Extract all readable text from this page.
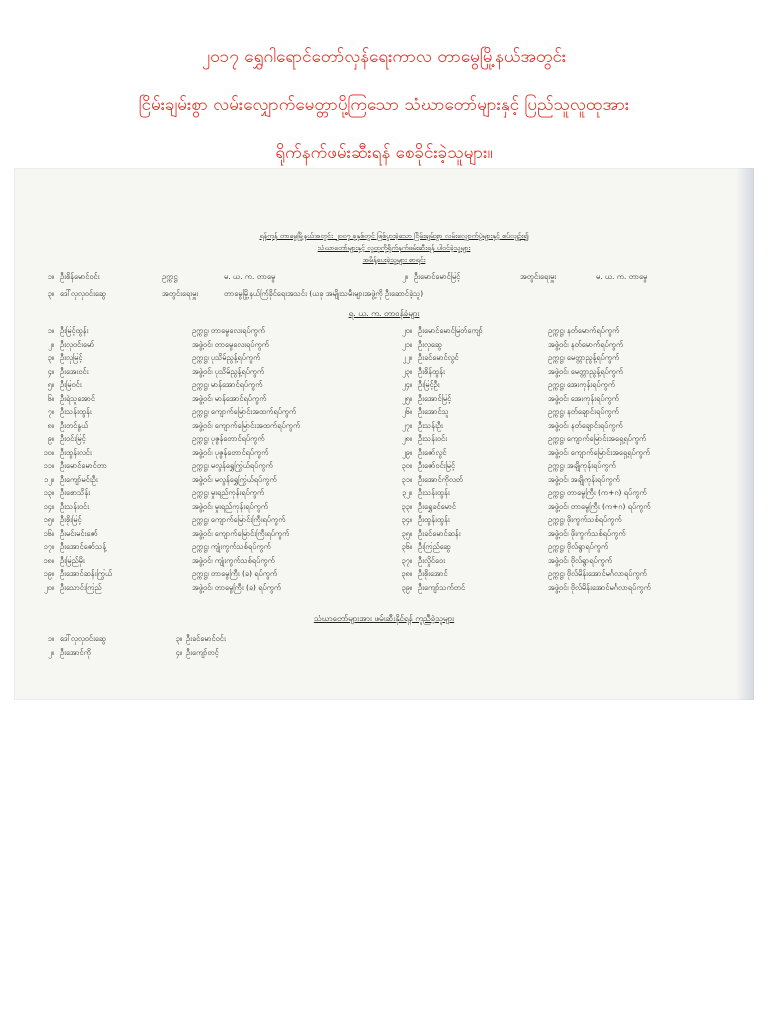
၂၀၁၇ ရွှေဂါရောင်တော်လှန်ရေးကာလ တာမွေမြို့နယ်အတွင်း
ငြိမ်းချမ်းစွာ လမ်းလျှောက်မေတ္တာပို့ကြသော သံဃာတော်များနှင့် ပြည်သူလူထုအား
ရိုက်နက်ဖမ်းဆီးရန် စေခိုင်းခဲ့သူများ။
ရန်ကုန် တာမွေမြို့နယ်အတွင်း ၂၀၀၇ ခုနှစ်တွင် ဖြစ်ပွားခဲ့သော ငြိမ်းချမ်းစွာ လမ်းလျှောက်ပွဲများနှင့် စပ်လျဉ်း၍
သံဃာတော်များနှင့် လူထုကိုရိုက်နက်ဖမ်းဆီးရန် ပါဝင်ခဲ့သူများ
အမိန့်ပေးခဲ့သူများ စာရင်း
၁။ ဦးစိန်မောင်ဝင်း	ဥက္ကဋ္ဌ	မ. ယ. က. တာမွေ	၂။ ဦးမောင်မောင်မြင့်	အတွင်းရေးမှူး	မ. ယ. က. တာမွေ
၃။ ဒေါ်လှလှဝင်းဆွေ	အတွင်းရေးမှူး	တာမွေမြို့နယ်ကြံခိုင်ရေးအသင်း (ယခု အမျိုးသမီးများအဖွဲ့ကို ဦးဆောင်ခဲ့သူ)
ရ. ယ. က. တာဝန်ခံများ
၁။ ဦးမြင့်ထွန်း	ဥက္ကဋ္ဌ၊ တာမွေလေးရပ်ကွက်	၂၀။ ဦးမောင်မောင်မြတ်ကျော်	ဥက္ကဋ္ဌ၊ နတ်မောက်ရပ်ကွက်
၂။ ဦးလှဝင်းမော်	အဖွဲ့ဝင်၊ တာမွေလေးရပ်ကွက်	၂၁။ ဦးလှဆွေ	အဖွဲ့ဝင်၊ နတ်မောက်ရပ်ကွက်
၃။ ဦးလှမြင့်	ဥက္ကဋ္ဌ၊ ပုသိမ်ညွန့်ရပ်ကွက်	၂၂။ ဦးခင်မောင်လွင်	ဥက္ကဋ္ဌ၊ မေတ္တာညွန့်ရပ်ကွက်
၄။ ဦးအေးဝင်း	အဖွဲ့ဝင်၊ ပုသိမ်ညွန့်ရပ်ကွက်	၂၃။ ဦးစိန်ထွန်း	အဖွဲ့ဝင်၊ မေတ္တာညွန့်ရပ်ကွက်
၅။ ဦးမြဝင်း	ဥက္ကဋ္ဌ၊ မာန်အောင်ရပ်ကွက်	၂၄။ ဦးမြင့်ဦး	ဥက္ကဋ္ဌ၊ အေးကုန်းရပ်ကွက်
၆။ ဦးရဲသူအောင်	အဖွဲ့ဝင်၊ မာန်အောင်ရပ်ကွက်	၂၅။ ဦးအောင်မြင့်	အဖွဲ့ဝင်၊ အေးကုန်းရပ်ကွက်
၇။ ဦးသန်းထွန်း	ဥက္ကဋ္ဌ၊ ကျောက်မြောင်းအထက်ရပ်ကွက်	၂၆။ ဦးအောင်သူ	ဥက္ကဋ္ဌ၊ နတ်ချောင်းရပ်ကွက်
၈။ ဦးတင်နွယ်	အဖွဲ့ဝင်၊ ကျောက်မြောင်းအထက်ရပ်ကွက်	၂၇။ ဦးသန်းဦး	အဖွဲ့ဝင်၊ နတ်ချောင်းရပ်ကွက်
၉။ ဦးဝင်းမြင့်	ဥက္ကဋ္ဌ၊ ပုဇွန်တောင်ရပ်ကွက်	၂၈။ ဦးသန်းဝင်း	ဥက္ကဋ္ဌ၊ ကျောက်မြောင်းအရှေ့ရပ်ကွက်
၁၀။ ဦးထွန်းလင်း	အဖွဲ့ဝင်၊ ပုဇွန်တောင်ရပ်ကွက်	၂၉။ ဦးဇော်လွင်	အဖွဲ့ဝင်၊ ကျောက်မြောင်းအရှေ့ရပ်ကွက်
၁၁။ ဦးမောင်မောင်တာ	ဥက္ကဋ္ဌ၊ မလွန်ရွှေကြွယ်ရပ်ကွက်	၃၀။ ဦးဇော်ဝင်းမြင့်	ဥက္ကဋ္ဌ၊ အချိုကုန်းရပ်ကွက်
၁၂။ ဦးကျော်မင်းဦး	အဖွဲ့ဝင်၊ မလွန်ရွှေကြွယ်ရပ်ကွက်	၃၁။ ဦးအောင်ကိုလတ်	အဖွဲ့ဝင်၊ အချိုကုန်းရပ်ကွက်
၁၃။ ဦးစောသိန်း	ဥက္ကဋ္ဌ၊ မှုးရည်ကုန်းရပ်ကွက်	၃၂။ ဦးသန်းထွန်း	ဥက္ကဋ္ဌ၊ တာမွေကြီး (က+ဂ) ရပ်ကွက်
၁၄။ ဦးသန်းဝင်း	အဖွဲ့ဝင်၊ မှုးရည်ကုန်းရပ်ကွက်	၃၃။ ဦးရွှေခင်မောင်	အဖွဲ့ဝင်၊ တာမွေကြီး (က+ဂ) ရပ်ကွက်
၁၅။ ဦးစိုးမြင့်	ဥက္ကဋ္ဌ၊ ကျောက်မြောင်းကြီးရပ်ကွက်	၃၄။ ဦးထွန်းထွန်း	ဥက္ကဋ္ဌ၊ ဖိုးကွက်သစ်ရပ်ကွက်
၁၆။ ဦးမင်းမင်းဇော်	အဖွဲ့ဝင်၊ ကျောက်မြောင်းကြီးရပ်ကွက်	၃၅။ ဦးခင်မောင်ဆန်း	အဖွဲ့ဝင်၊ ဖိုးကွက်သစ်ရပ်ကွက်
၁၇။ ဦးအောင်ဇော်သန့်	ဥက္ကဋ္ဌ၊ ကျုံးကွက်သစ်ရပ်ကွက်	၃၆။ ဦးကြည်ဆွေ	ဥက္ကဋ္ဌ၊ ဗိုလ်ရွာရပ်ကွက်
၁၈။ ဦးမြည်မိုး	အဖွဲ့ဝင်၊ ကျုံးကွက်သစ်ရပ်ကွက်	၃၇။ ဦးလှိုင်ဝေး	အဖွဲ့ဝင်၊ ဗိုလ်ရွာရပ်ကွက်
၁၉။ ဦးအောင်ဆန်းကြွယ်	ဥက္ကဋ္ဌ၊ တာမွေကြီး (ခ) ရပ်ကွက်	၃၈။ ဦးစိုးအောင်	ဥက္ကဋ္ဌ၊ ဗိုလ်မိန်းအောင်မင်္ဂလာရပ်ကွက်
၂၀။ ဦးသောင်းကြည်	အဖွဲ့ဝင်၊ တာမွေကြီး (ခ) ရပ်ကွက်	၃၉။ ဦးကျော်သက်တင်	အဖွဲ့ဝင်၊ ဗိုလ်မိန်းအောင်မင်္ဂလာရပ်ကွက်
သံဃာတော်များအား ဖမ်းဆီးနိုင်ရန် ကူညီခဲ့သူများ
၁။ ဒေါ်လှလှဝင်းဆွေ	၃။ ဦးခင်မောင်ဝင်း
၂။ ဦးအောင်ကို	၄။ ဦးကျော်တင့်
